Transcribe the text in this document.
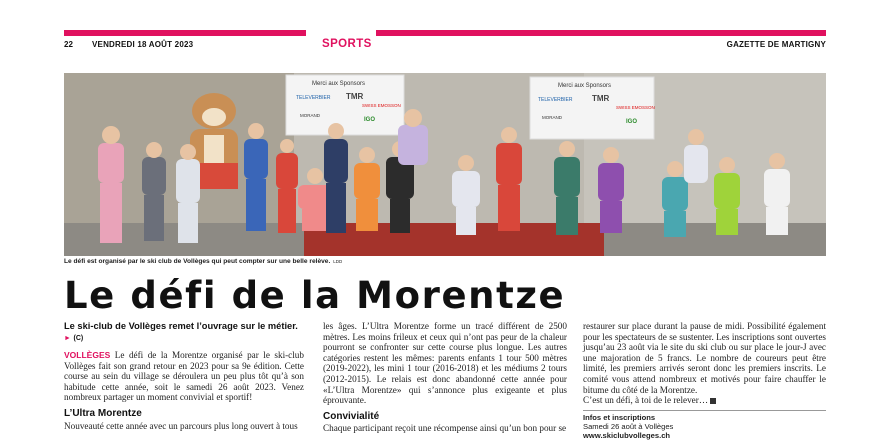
22 VENDREDI 18 AOÛT 2023	SPORTS	GAZETTE DE MARTIGNY
Merci aux Sponsors
TELEVERBIER TMR
SWISS EMOSSON
MORAND
IGO
Merci aux Sponsors
TELEVERBIER TMR
SWISS EMOSSON
MORAND
IGO
Le défi est organisé par le ski club de Vollèges qui peut compter sur une belle relève. LDD
Le défi de la Morentze
Le ski-club de Vollèges remet l’ouvrage sur le métier. ► (C)

VOLLÈGES Le défi de la Morentze organisé par le ski-club Vollèges fait son grand retour en 2023 pour sa 9e édition. Cette course au sein du village se déroulera un peu plus tôt qu’à son habitude cette année, soit le samedi 26 août 2023. Venez nombreux partager un moment convivial et sportif!

L’Ultra Morentze

Nouveauté cette année avec un parcours plus long ouvert à tous

les âges. L’Ultra Morentze forme un tracé différent de 2500 mètres. Les moins frileux et ceux qui n’ont pas peur de la chaleur pourront se confronter sur cette course plus longue. Les autres catégories restent les mêmes: parents enfants 1 tour 500 mètres (2019-2022), les mini 1 tour (2016-2018) et les médiums 2 tours (2012-2015). Le relais est donc abandonné cette année pour «L’Ultra Morentze» qui s’annonce plus exigeante et plus éprouvante.

Convivialité

Chaque participant reçoit une récompense ainsi qu’un bon pour se

restaurer sur place durant la pause de midi. Possibilité également pour les spectateurs de se sustenter. Les inscriptions sont ouvertes jusqu’au 23 août via le site du ski club ou sur place le jour-J avec une majoration de 5 francs. Le nombre de coureurs peut être limité, les premiers arrivés seront donc les premiers inscrits. Le comité vous attend nombreux et motivés pour faire chauffer le bitume du côté de la Morentze.

C’est un défi, à toi de le relever…

Infos et inscriptions
Samedi 26 août à Vollèges
www.skiclubvolleges.ch
